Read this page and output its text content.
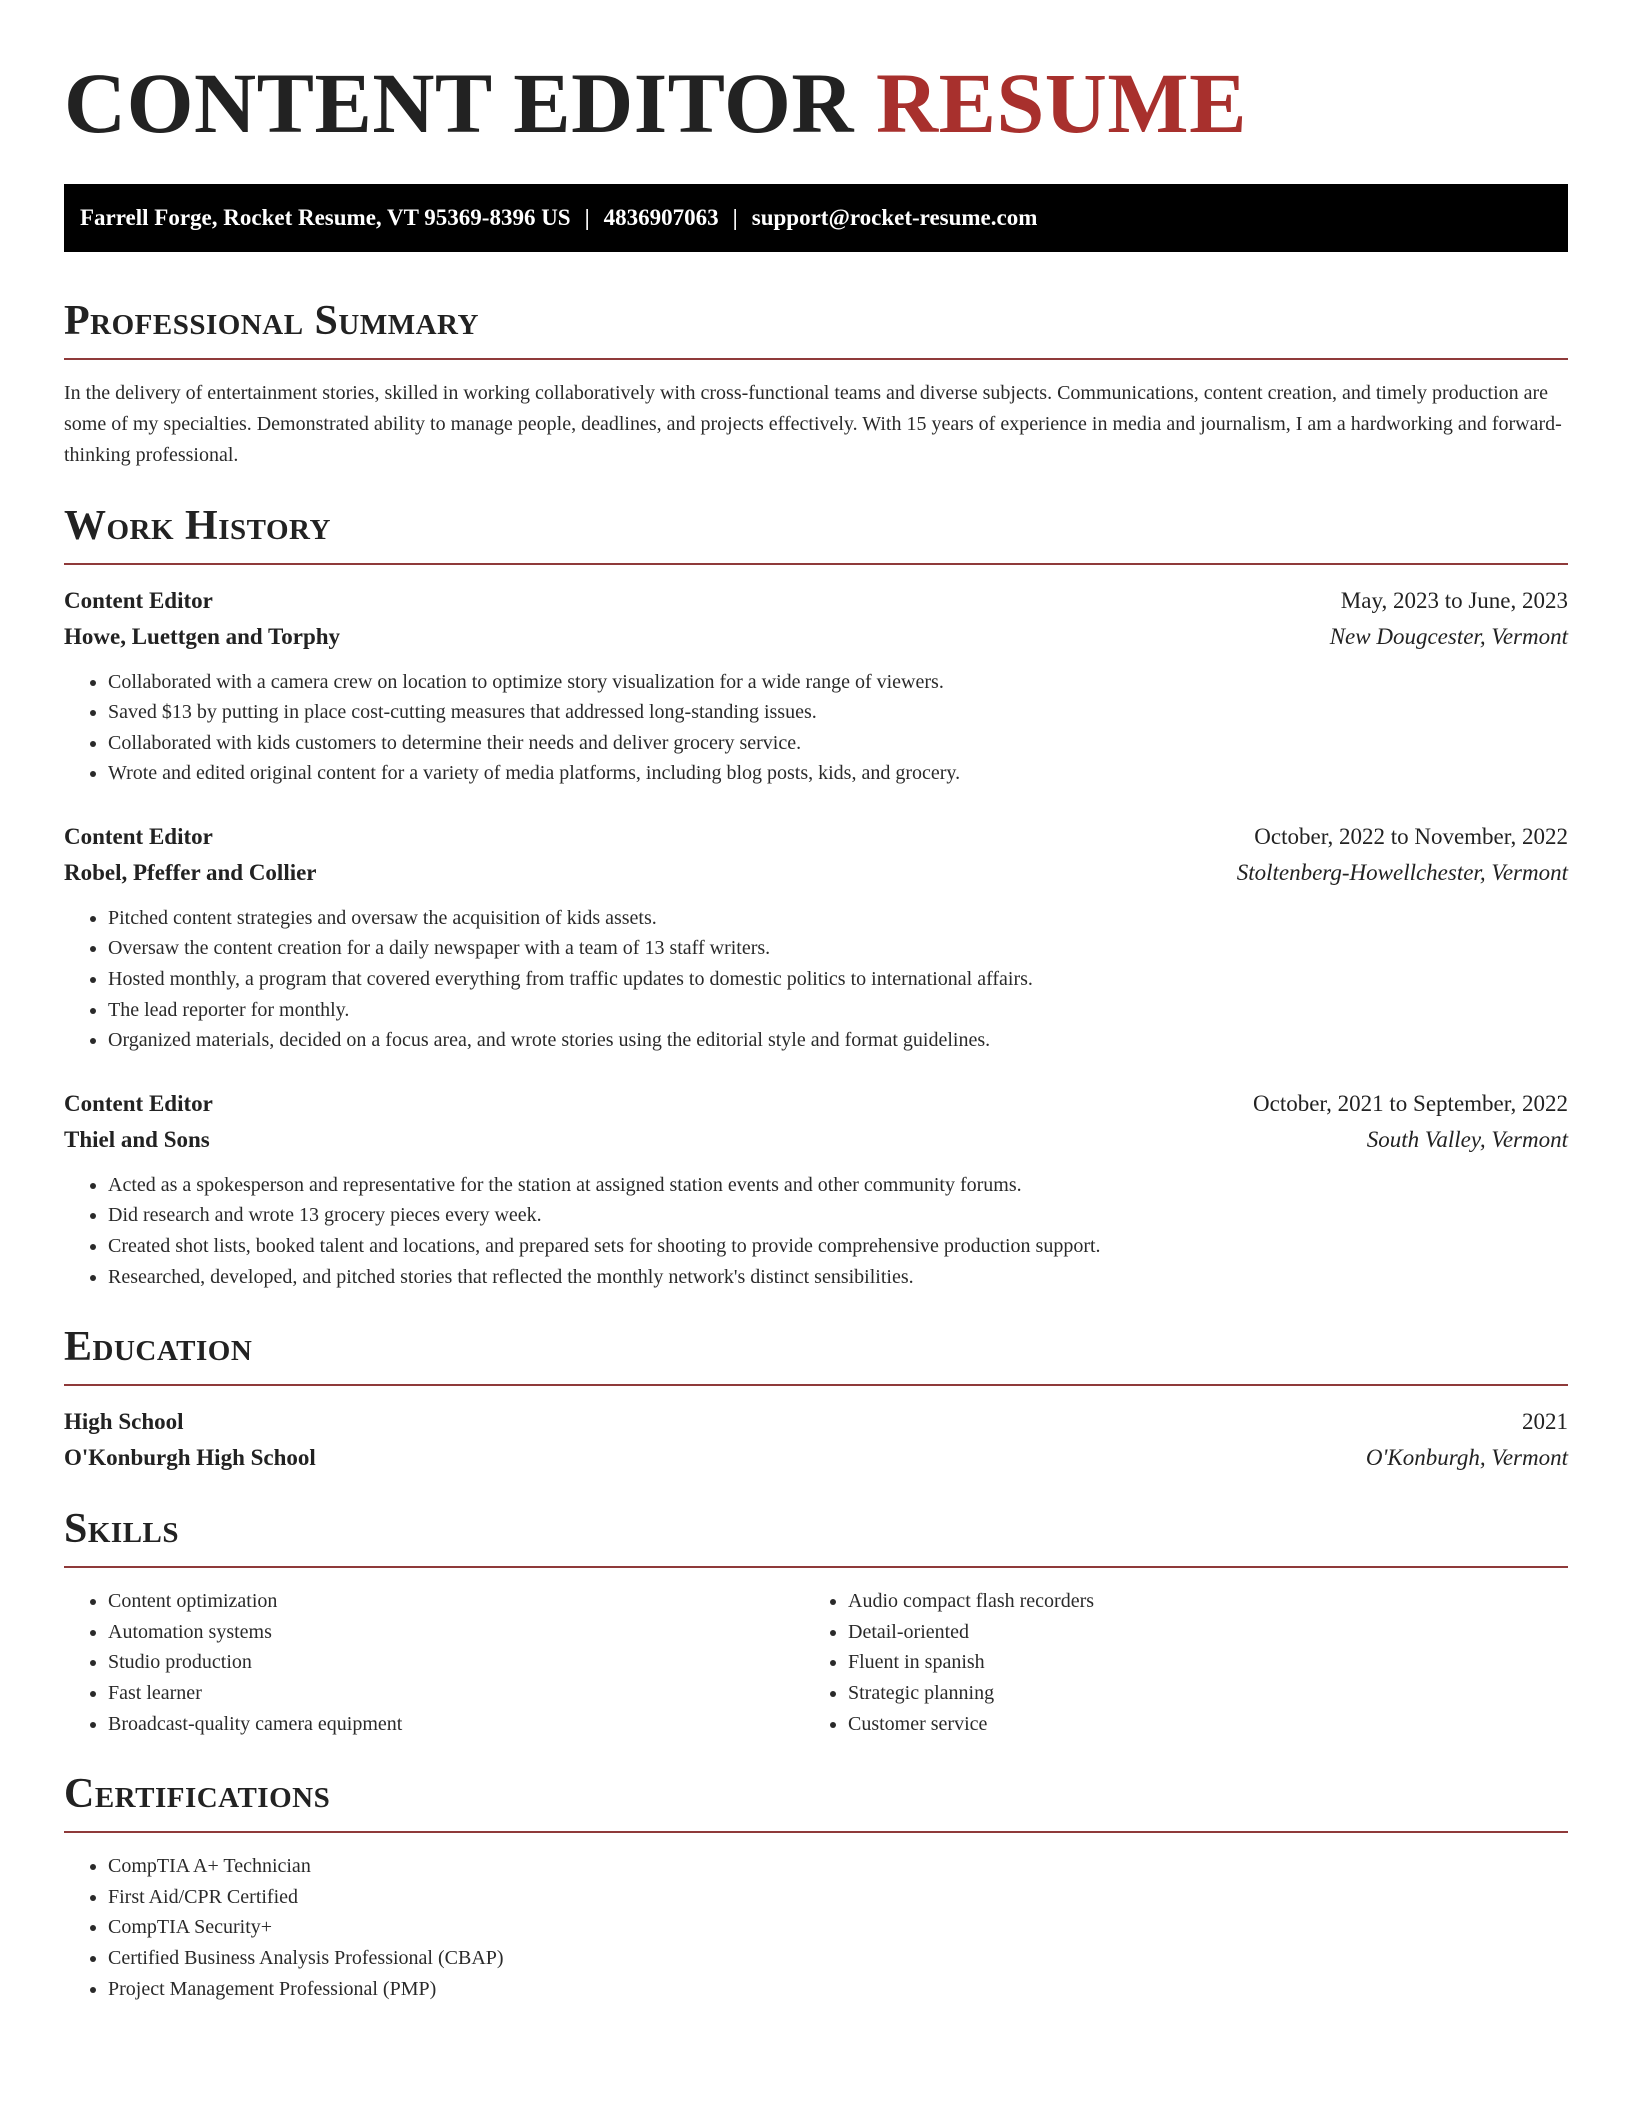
CONTENT EDITOR RESUME
Farrell Forge, Rocket Resume, VT 95369-8396 US | 4836907063 | support@rocket-resume.com
Professional Summary

In the delivery of entertainment stories, skilled in working collaboratively with cross-functional teams and diverse subjects. Communications, content creation, and timely production are some of my specialties. Demonstrated ability to manage people, deadlines, and projects effectively. With 15 years of experience in media and journalism, I am a hardworking and forward-thinking professional.

Work History
Content Editor	May, 2023 to June, 2023
Howe, Luettgen and Torphy	New Dougcester, Vermont
• Collaborated with a camera crew on location to optimize story visualization for a wide range of viewers.
• Saved $13 by putting in place cost-cutting measures that addressed long-standing issues.
• Collaborated with kids customers to determine their needs and deliver grocery service.
• Wrote and edited original content for a variety of media platforms, including blog posts, kids, and grocery.
Content Editor	October, 2022 to November, 2022
Robel, Pfeffer and Collier	Stoltenberg-Howellchester, Vermont
• Pitched content strategies and oversaw the acquisition of kids assets.
• Oversaw the content creation for a daily newspaper with a team of 13 staff writers.
• Hosted monthly, a program that covered everything from traffic updates to domestic politics to international affairs.
• The lead reporter for monthly.
• Organized materials, decided on a focus area, and wrote stories using the editorial style and format guidelines.
Content Editor	October, 2021 to September, 2022
Thiel and Sons	South Valley, Vermont
• Acted as a spokesperson and representative for the station at assigned station events and other community forums.
• Did research and wrote 13 grocery pieces every week.
• Created shot lists, booked talent and locations, and prepared sets for shooting to provide comprehensive production support.
• Researched, developed, and pitched stories that reflected the monthly network's distinct sensibilities.
Education
High School	2021
O'Konburgh High School	O'Konburgh, Vermont
Skills
• Content optimization
• Automation systems
• Studio production
• Fast learner
• Broadcast-quality camera equipment
• Audio compact flash recorders
• Detail-oriented
• Fluent in spanish
• Strategic planning
• Customer service
Certifications
• CompTIA A+ Technician
• First Aid/CPR Certified
• CompTIA Security+
• Certified Business Analysis Professional (CBAP)
• Project Management Professional (PMP)
